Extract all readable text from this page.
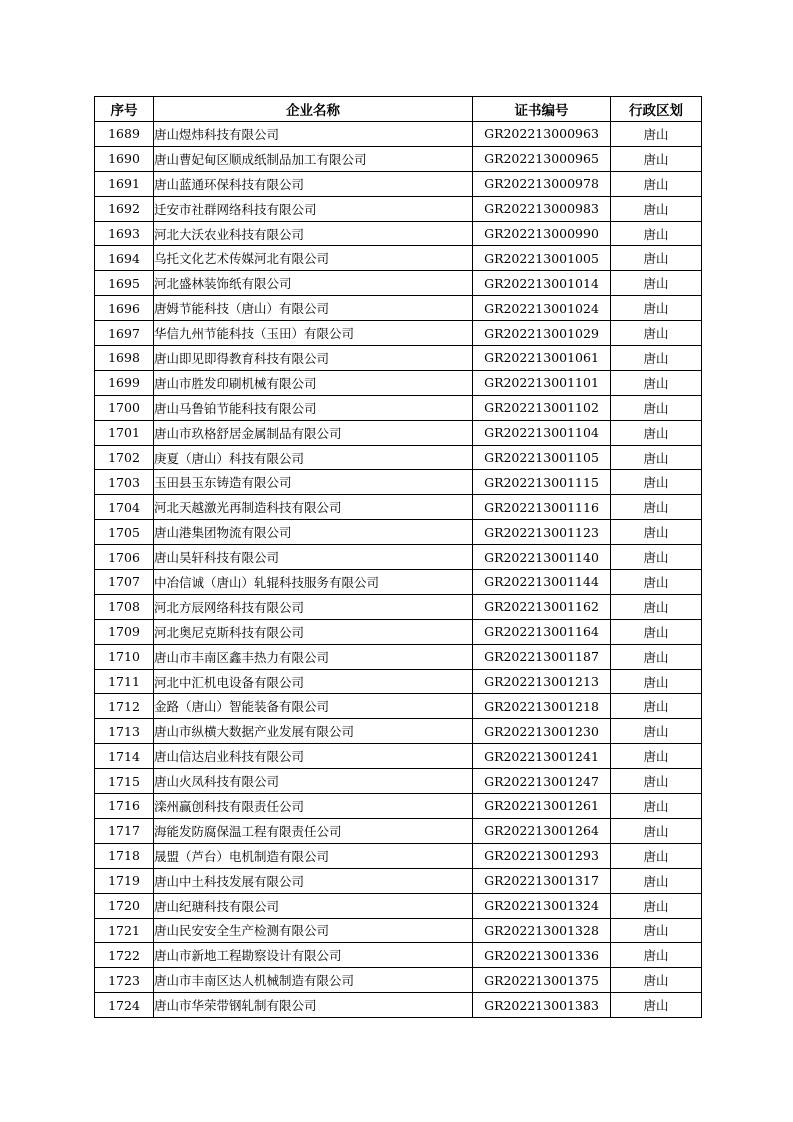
序号	企业名称	证书编号	行政区划
1689	唐山煜炜科技有限公司	GR202213000963	唐山
1690	唐山曹妃甸区顺成纸制品加工有限公司	GR202213000965	唐山
1691	唐山蓝通环保科技有限公司	GR202213000978	唐山
1692	迁安市社群网络科技有限公司	GR202213000983	唐山
1693	河北大沃农业科技有限公司	GR202213000990	唐山
1694	乌托文化艺术传媒河北有限公司	GR202213001005	唐山
1695	河北盛林装饰纸有限公司	GR202213001014	唐山
1696	唐姆节能科技（唐山）有限公司	GR202213001024	唐山
1697	华信九州节能科技（玉田）有限公司	GR202213001029	唐山
1698	唐山即见即得教育科技有限公司	GR202213001061	唐山
1699	唐山市胜发印刷机械有限公司	GR202213001101	唐山
1700	唐山马鲁铂节能科技有限公司	GR202213001102	唐山
1701	唐山市玖格舒居金属制品有限公司	GR202213001104	唐山
1702	庚夏（唐山）科技有限公司	GR202213001105	唐山
1703	玉田县玉东铸造有限公司	GR202213001115	唐山
1704	河北天越激光再制造科技有限公司	GR202213001116	唐山
1705	唐山港集团物流有限公司	GR202213001123	唐山
1706	唐山昊轩科技有限公司	GR202213001140	唐山
1707	中冶信诚（唐山）轧辊科技服务有限公司	GR202213001144	唐山
1708	河北方辰网络科技有限公司	GR202213001162	唐山
1709	河北奥尼克斯科技有限公司	GR202213001164	唐山
1710	唐山市丰南区鑫丰热力有限公司	GR202213001187	唐山
1711	河北中汇机电设备有限公司	GR202213001213	唐山
1712	金路（唐山）智能装备有限公司	GR202213001218	唐山
1713	唐山市纵横大数据产业发展有限公司	GR202213001230	唐山
1714	唐山信达启业科技有限公司	GR202213001241	唐山
1715	唐山火凤科技有限公司	GR202213001247	唐山
1716	滦州赢创科技有限责任公司	GR202213001261	唐山
1717	海能发防腐保温工程有限责任公司	GR202213001264	唐山
1718	晟盟（芦台）电机制造有限公司	GR202213001293	唐山
1719	唐山中土科技发展有限公司	GR202213001317	唐山
1720	唐山纪瑭科技有限公司	GR202213001324	唐山
1721	唐山民安安全生产检测有限公司	GR202213001328	唐山
1722	唐山市新地工程勘察设计有限公司	GR202213001336	唐山
1723	唐山市丰南区达人机械制造有限公司	GR202213001375	唐山
1724	唐山市华荣带钢轧制有限公司	GR202213001383	唐山
